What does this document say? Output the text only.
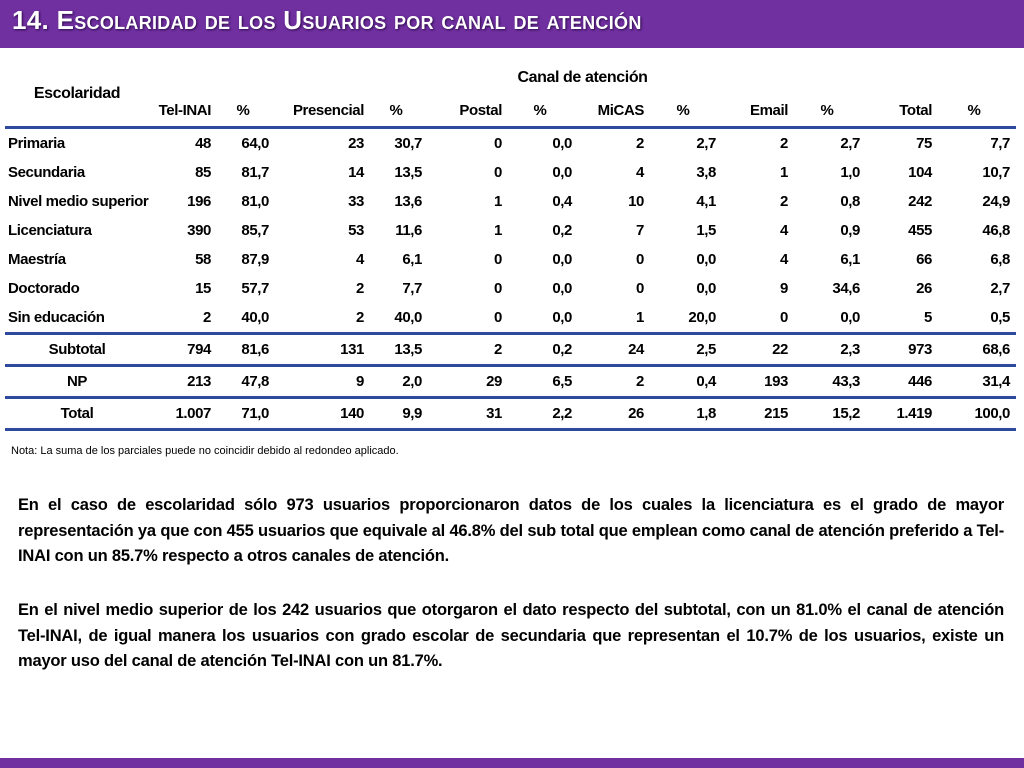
14. Escolaridad de los Usuarios por canal de atención
Escolaridad	Canal de atención											
	Tel-INAI	%	Presencial	%	Postal	%	MiCAS	%	Email	%	Total	%
Primaria	48	64,0	23	30,7	0	0,0	2	2,7	2	2,7	75	7,7
Secundaria	85	81,7	14	13,5	0	0,0	4	3,8	1	1,0	104	10,7
Nivel medio superior	196	81,0	33	13,6	1	0,4	10	4,1	2	0,8	242	24,9
Licenciatura	390	85,7	53	11,6	1	0,2	7	1,5	4	0,9	455	46,8
Maestría	58	87,9	4	6,1	0	0,0	0	0,0	4	6,1	66	6,8
Doctorado	15	57,7	2	7,7	0	0,0	0	0,0	9	34,6	26	2,7
Sin educación	2	40,0	2	40,0	0	0,0	1	20,0	0	0,0	5	0,5
Subtotal	794	81,6	131	13,5	2	0,2	24	2,5	22	2,3	973	68,6
NP	213	47,8	9	2,0	29	6,5	2	0,4	193	43,3	446	31,4
Total	1.007	71,0	140	9,9	31	2,2	26	1,8	215	15,2	1.419	100,0
Nota: La suma de los parciales puede no coincidir debido al redondeo aplicado.
En el caso de escolaridad sólo 973 usuarios proporcionaron datos de los cuales la licenciatura es el grado de mayor representación ya que con 455 usuarios que equivale al 46.8% del sub total que emplean como canal de atención preferido a Tel-INAI con un 85.7% respecto a otros canales de atención.
En el nivel medio superior de los 242 usuarios que otorgaron el dato respecto del subtotal, con un 81.0% el canal de atención Tel-INAI, de igual manera los usuarios con grado escolar de secundaria que representan el 10.7% de los usuarios, existe un mayor uso del canal de atención Tel-INAI con un 81.7%.
